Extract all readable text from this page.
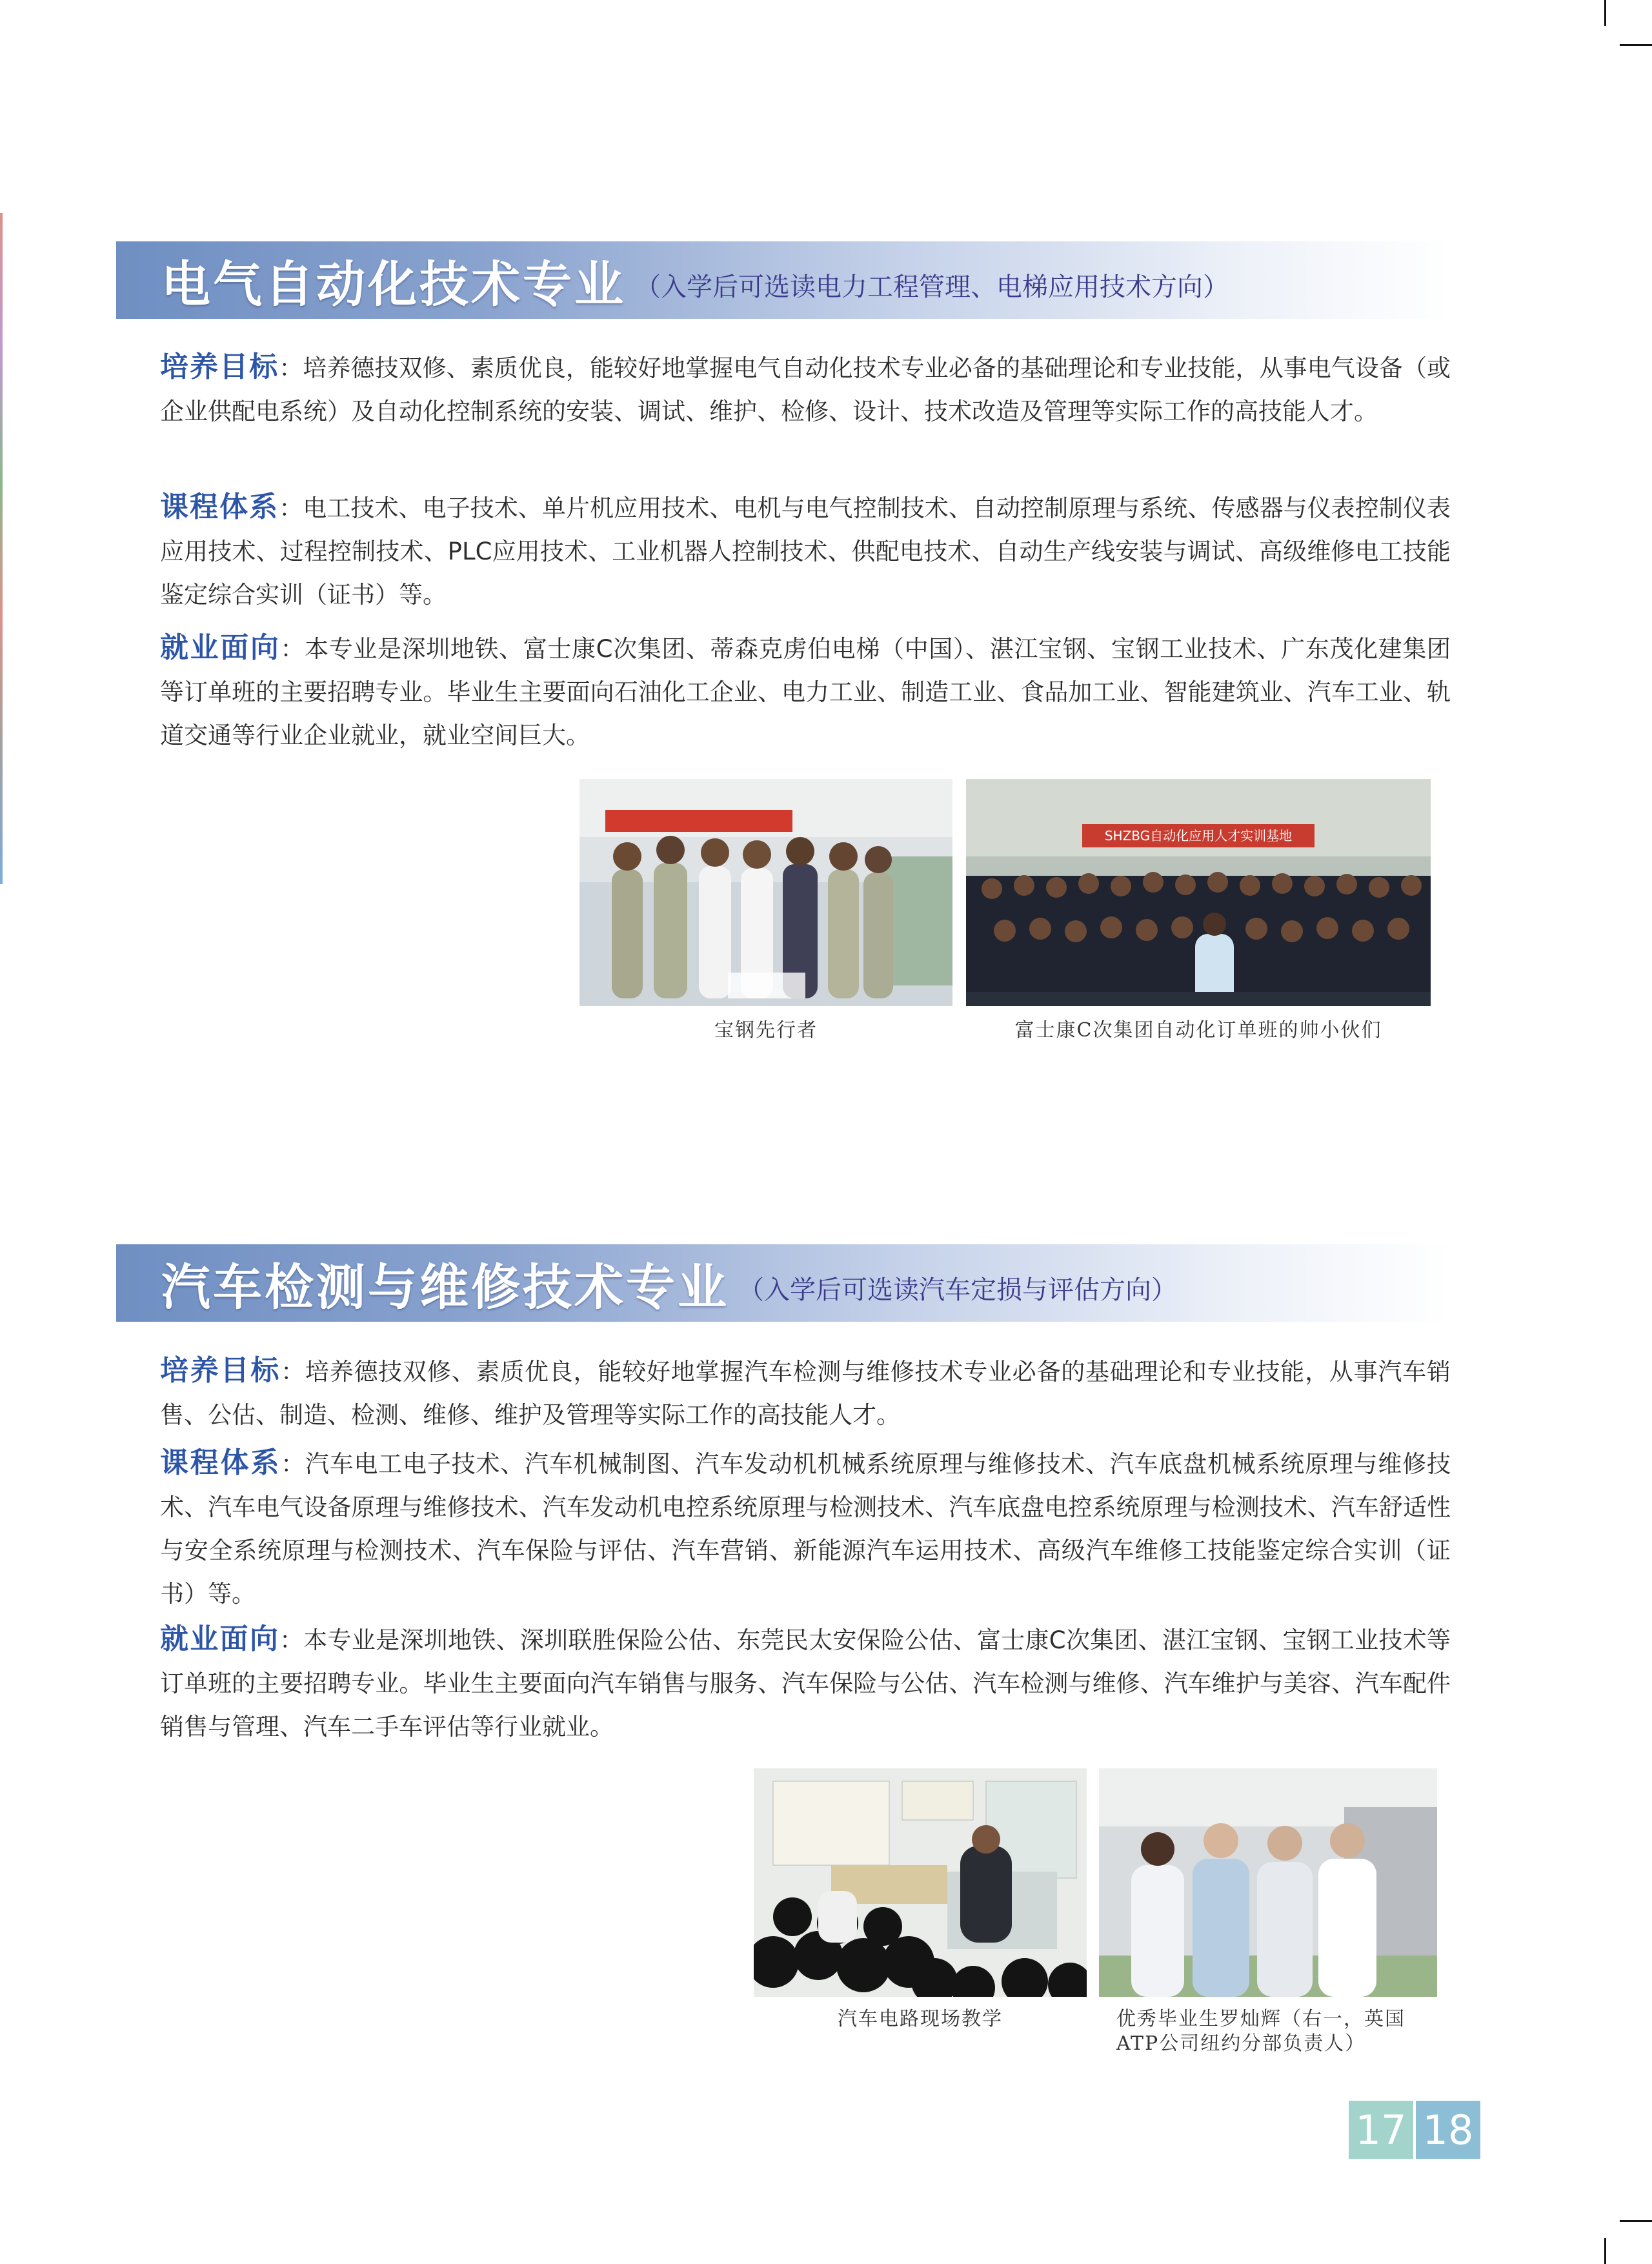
电气自动化技术专业 （入学后可选读电力工程管理、电梯应用技术方向）
培养目标：培养德技双修、素质优良，能较好地掌握电气自动化技术专业必备的基础理论和专业技能，从事电气设备（或企业供配电系统）及自动化控制系统的安装、调试、维护、检修、设计、技术改造及管理等实际工作的高技能人才。
课程体系：电工技术、电子技术、单片机应用技术、电机与电气控制技术、自动控制原理与系统、传感器与仪表控制仪表应用技术、过程控制技术、PLC应用技术、工业机器人控制技术、供配电技术、自动生产线安装与调试、高级维修电工技能鉴定综合实训（证书）等。
就业面向：本专业是深圳地铁、富士康C次集团、蒂森克虏伯电梯（中国）、湛江宝钢、宝钢工业技术、广东茂化建集团等订单班的主要招聘专业。毕业生主要面向石油化工企业、电力工业、制造工业、食品加工业、智能建筑业、汽车工业、轨道交通等行业企业就业，就业空间巨大。
宝钢先行者
SHZBG自动化应用人才实训基地
富士康C次集团自动化订单班的帅小伙们
汽车检测与维修技术专业 （入学后可选读汽车定损与评估方向）
培养目标：培养德技双修、素质优良，能较好地掌握汽车检测与维修技术专业必备的基础理论和专业技能，从事汽车销售、公估、制造、检测、维修、维护及管理等实际工作的高技能人才。
课程体系：汽车电工电子技术、汽车机械制图、汽车发动机机械系统原理与维修技术、汽车底盘机械系统原理与维修技术、汽车电气设备原理与维修技术、汽车发动机电控系统原理与检测技术、汽车底盘电控系统原理与检测技术、汽车舒适性与安全系统原理与检测技术、汽车保险与评估、汽车营销、新能源汽车运用技术、高级汽车维修工技能鉴定综合实训（证书）等。
就业面向：本专业是深圳地铁、深圳联胜保险公估、东莞民太安保险公估、富士康C次集团、湛江宝钢、宝钢工业技术等订单班的主要招聘专业。毕业生主要面向汽车销售与服务、汽车保险与公估、汽车检测与维修、汽车维护与美容、汽车配件销售与管理、汽车二手车评估等行业就业。
汽车电路现场教学	优秀毕业生罗灿辉（右一，英国ATP公司纽约分部负责人）
17 18
